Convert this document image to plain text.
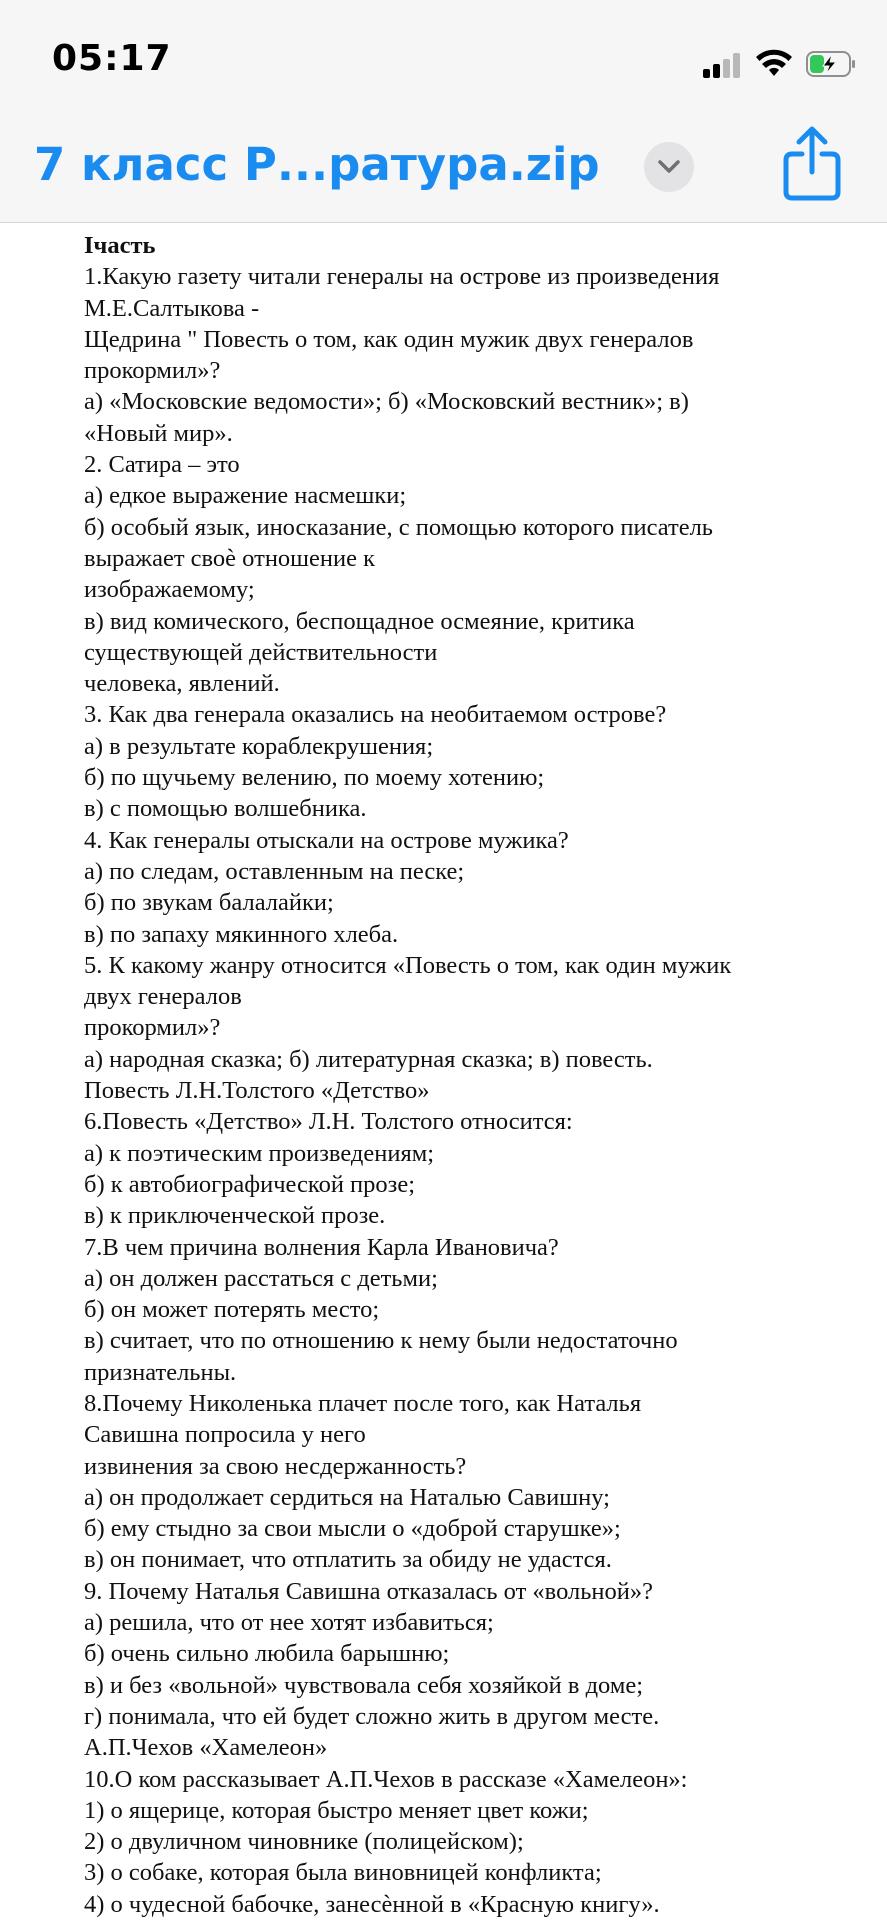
05:17
7 класс Р...ратура.zip
Iчасть
1.Какую газету читали генералы на острове из произведения
М.Е.Салтыкова -
Щедрина " Повесть о том, как один мужик двух генералов
прокормил»?
а) «Московские ведомости»; б) «Московский вестник»; в)
«Новый мир».
2. Сатира – это
а) едкое выражение насмешки;
б) особый язык, иносказание, с помощью которого писатель
выражает своѐ отношение к
изображаемому;
в) вид комического, беспощадное осмеяние, критика
существующей действительности
человека, явлений.
3. Как два генерала оказались на необитаемом острове?
а) в результате кораблекрушения;
б) по щучьему велению, по моему хотению;
в) с помощью волшебника.
4. Как генералы отыскали на острове мужика?
а) по следам, оставленным на песке;
б) по звукам балалайки;
в) по запаху мякинного хлеба.
5. К какому жанру относится «Повесть о том, как один мужик
двух генералов
прокормил»?
а) народная сказка; б) литературная сказка; в) повесть.
Повесть Л.Н.Толстого «Детство»
6.Повесть «Детство» Л.Н. Толстого относится:
а) к поэтическим произведениям;
б) к автобиографической прозе;
в) к приключенческой прозе.
7.В чем причина волнения Карла Ивановича?
а) он должен расстаться с детьми;
б) он может потерять место;
в) считает, что по отношению к нему были недостаточно
признательны.
8.Почему Николенька плачет после того, как Наталья
Савишна попросила у него
извинения за свою несдержанность?
а) он продолжает сердиться на Наталью Савишну;
б) ему стыдно за свои мысли о «доброй старушке»;
в) он понимает, что отплатить за обиду не удастся.
9. Почему Наталья Савишна отказалась от «вольной»?
а) решила, что от нее хотят избавиться;
б) очень сильно любила барышню;
в) и без «вольной» чувствовала себя хозяйкой в доме;
г) понимала, что ей будет сложно жить в другом месте.
А.П.Чехов «Хамелеон»
10.О ком рассказывает А.П.Чехов в рассказе «Хамелеон»:
1) о ящерице, которая быстро меняет цвет кожи;
2) о двуличном чиновнике (полицейском);
3) о собаке, которая была виновницей конфликта;
4) о чудесной бабочке, занесѐнной в «Красную книгу».
